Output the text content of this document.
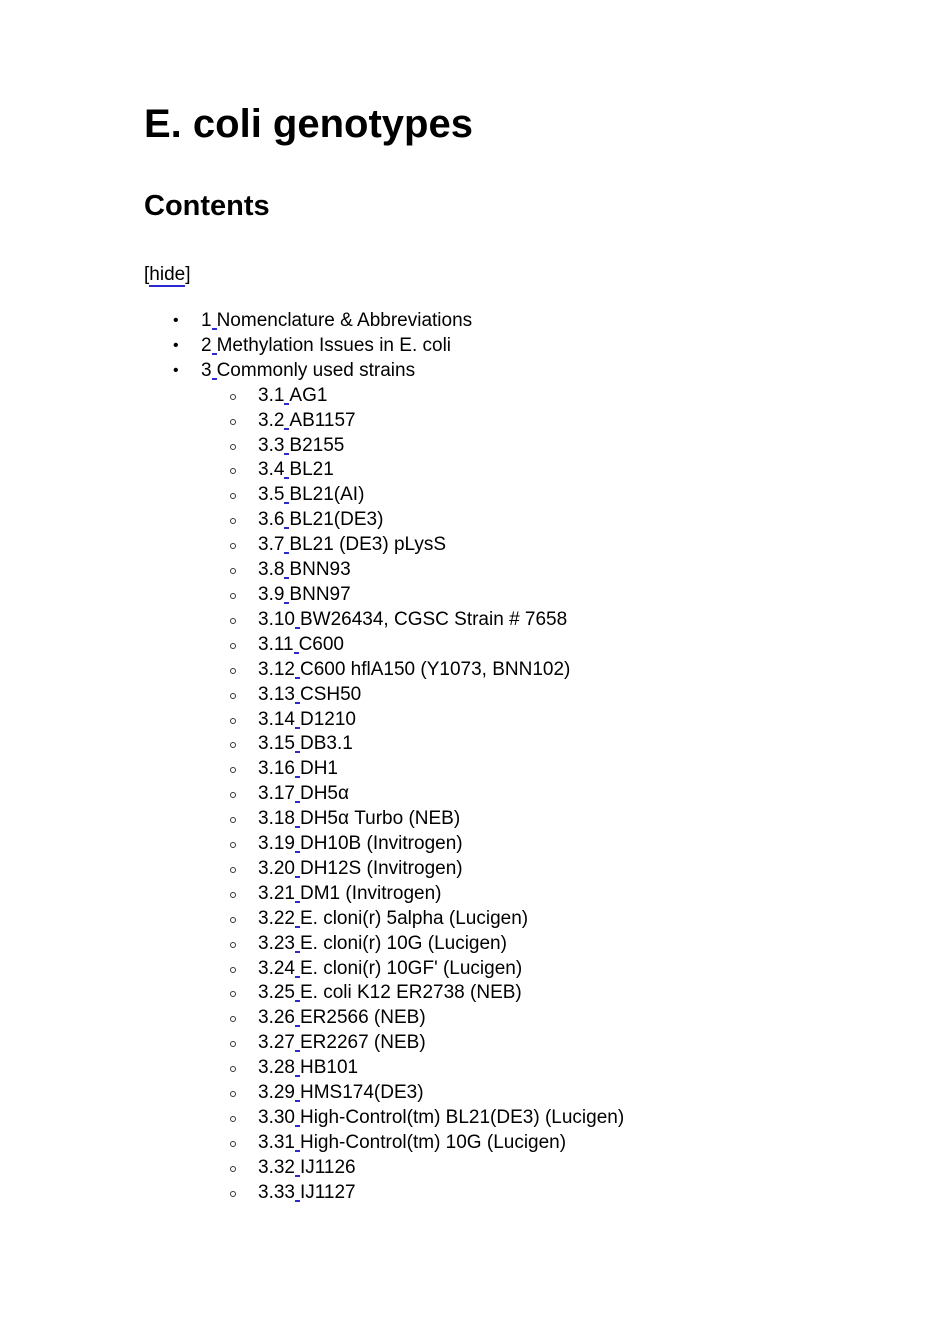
E. coli genotypes
Contents
[hide]
• 1 Nomenclature & Abbreviations
• 2 Methylation Issues in E. coli
• 3 Commonly used strains
3.1 AG1
3.2 AB1157
3.3 B2155
3.4 BL21
3.5 BL21(AI)
3.6 BL21(DE3)
3.7 BL21 (DE3) pLysS
3.8 BNN93
3.9 BNN97
3.10 BW26434, CGSC Strain # 7658
3.11 C600
3.12 C600 hflA150 (Y1073, BNN102)
3.13 CSH50
3.14 D1210
3.15 DB3.1
3.16 DH1
3.17 DH5α
3.18 DH5α Turbo (NEB)
3.19 DH10B (Invitrogen)
3.20 DH12S (Invitrogen)
3.21 DM1 (Invitrogen)
3.22 E. cloni(r) 5alpha (Lucigen)
3.23 E. cloni(r) 10G (Lucigen)
3.24 E. cloni(r) 10GF' (Lucigen)
3.25 E. coli K12 ER2738 (NEB)
3.26 ER2566 (NEB)
3.27 ER2267 (NEB)
3.28 HB101
3.29 HMS174(DE3)
3.30 High-Control(tm) BL21(DE3) (Lucigen)
3.31 High-Control(tm) 10G (Lucigen)
3.32 IJ1126
3.33 IJ1127
